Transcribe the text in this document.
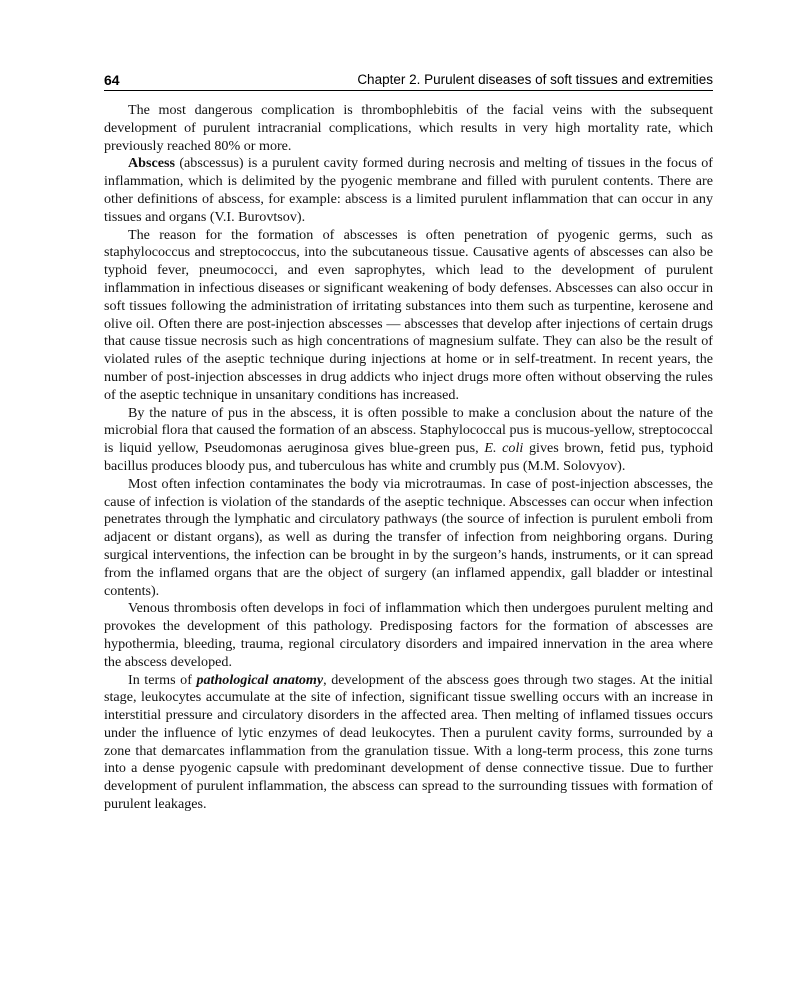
64	Chapter 2. Purulent diseases of soft tissues and extremities

The most dangerous complication is thrombophlebitis of the facial veins with the subsequent development of purulent intracranial complications, which results in very high mortality rate, which previously reached 80% or more.

Abscess (abscessus) is a purulent cavity formed during necrosis and melting of tissues in the focus of inflammation, which is delimited by the pyogenic membrane and filled with purulent contents. There are other definitions of abscess, for example: abscess is a limited purulent inflammation that can occur in any tissues and organs (V.I. Burovtsov).

The reason for the formation of abscesses is often penetration of pyogenic germs, such as staphylococcus and streptococcus, into the subcutaneous tissue. Causative agents of abscesses can also be typhoid fever, pneumococci, and even saprophytes, which lead to the development of purulent inflammation in infectious diseases or significant weakening of body defenses. Abscesses can also occur in soft tissues following the administration of irritating substances into them such as turpentine, kerosene and olive oil. Often there are post-injection abscesses — abscesses that develop after injections of certain drugs that cause tissue necrosis such as high concentrations of magnesium sulfate. They can also be the result of violated rules of the aseptic technique during injections at home or in self-treatment. In recent years, the number of post-injection abscesses in drug addicts who inject drugs more often without observing the rules of the aseptic technique in unsanitary conditions has increased.

By the nature of pus in the abscess, it is often possible to make a conclusion about the nature of the microbial flora that caused the formation of an abscess. Staphylococcal pus is mucous-yellow, streptococcal is liquid yellow, Pseudomonas aeruginosa gives blue-green pus, E. coli gives brown, fetid pus, typhoid bacillus produces bloody pus, and tuberculous has white and crumbly pus (M.M. Solovyov).

Most often infection contaminates the body via microtraumas. In case of post-injection abscesses, the cause of infection is violation of the standards of the aseptic technique. Abscesses can occur when infection penetrates through the lymphatic and circulatory pathways (the source of infection is purulent emboli from adjacent or distant organs), as well as during the transfer of infection from neighboring organs. During surgical interventions, the infection can be brought in by the surgeon’s hands, instruments, or it can spread from the inflamed organs that are the object of surgery (an inflamed appendix, gall bladder or intestinal contents).

Venous thrombosis often develops in foci of inflammation which then undergoes purulent melting and provokes the development of this pathology. Predisposing factors for the formation of abscesses are hypothermia, bleeding, trauma, regional circulatory disorders and impaired innervation in the area where the abscess developed.

In terms of pathological anatomy, development of the abscess goes through two stages. At the initial stage, leukocytes accumulate at the site of infection, significant tissue swelling occurs with an increase in interstitial pressure and circulatory disorders in the affected area. Then melting of inflamed tissues occurs under the influence of lytic enzymes of dead leukocytes. Then a purulent cavity forms, surrounded by a zone that demarcates inflammation from the granulation tissue. With a long-term process, this zone turns into a dense pyogenic capsule with predominant development of dense connective tissue. Due to further development of purulent inflammation, the abscess can spread to the surrounding tissues with formation of purulent leakages.
